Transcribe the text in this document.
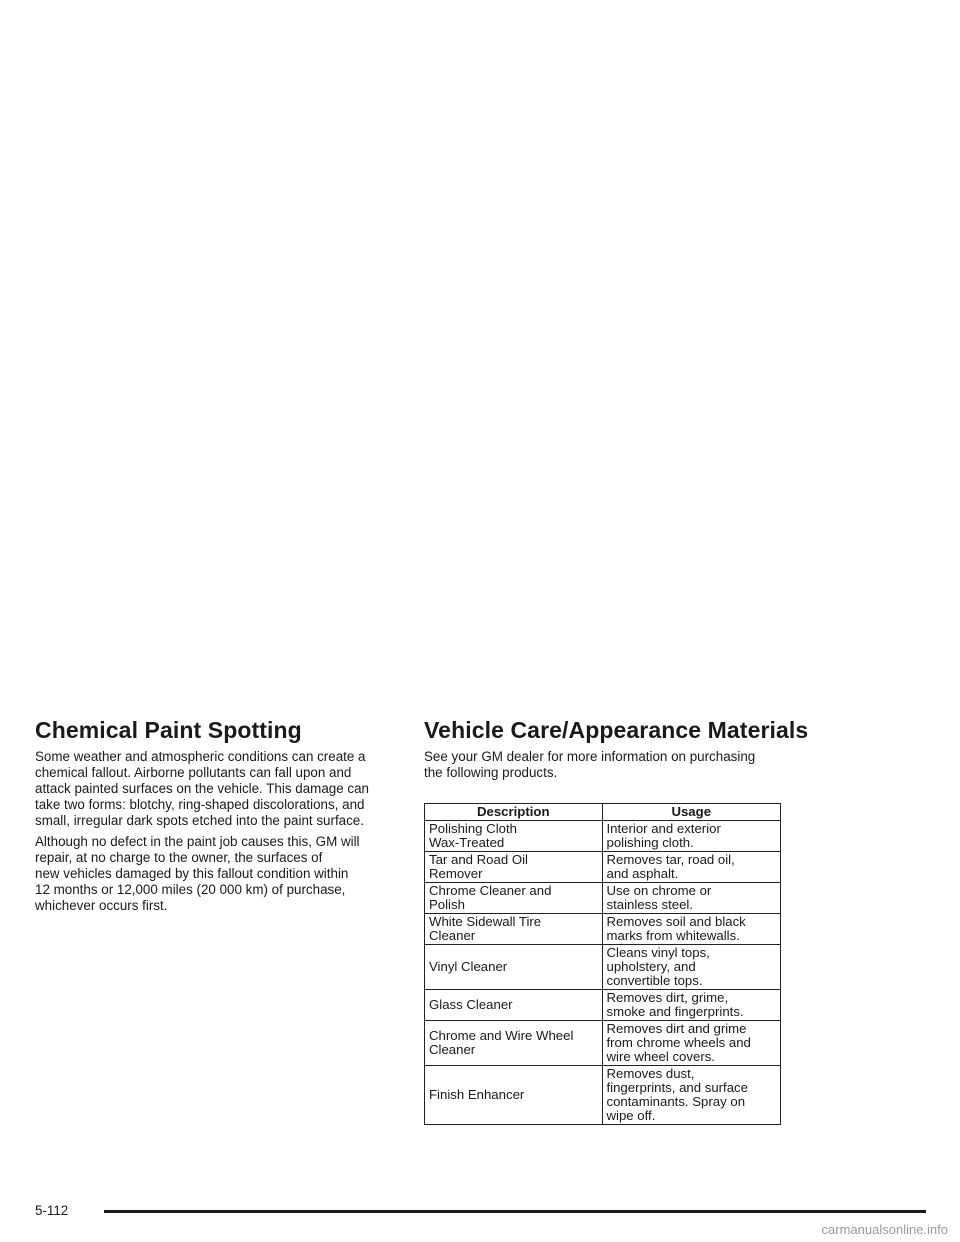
Chemical Paint Spotting

Some weather and atmospheric conditions can create a
chemical fallout. Airborne pollutants can fall upon and
attack painted surfaces on the vehicle. This damage can
take two forms: blotchy, ring-shaped discolorations, and
small, irregular dark spots etched into the paint surface.

Although no defect in the paint job causes this, GM will
repair, at no charge to the owner, the surfaces of
new vehicles damaged by this fallout condition within
12 months or 12,000 miles (20 000 km) of purchase,
whichever occurs first.

Vehicle Care/Appearance Materials

See your GM dealer for more information on purchasing
the following products.

Description	Usage

Polishing Cloth
Wax-Treated	Interior and exterior
polishing cloth.

Tar and Road Oil
Remover	Removes tar, road oil,
and asphalt.

Chrome Cleaner and
Polish	Use on chrome or
stainless steel.

White Sidewall Tire
Cleaner	Removes soil and black
marks from whitewalls.

Vinyl Cleaner	Cleans vinyl tops,
upholstery, and
convertible tops.

Glass Cleaner	Removes dirt, grime,
smoke and fingerprints.

Chrome and Wire Wheel
Cleaner	Removes dirt and grime
from chrome wheels and
wire wheel covers.

Finish Enhancer	Removes dust,
fingerprints, and surface
contaminants. Spray on
wipe off.
5-112
carmanualsonline.info
